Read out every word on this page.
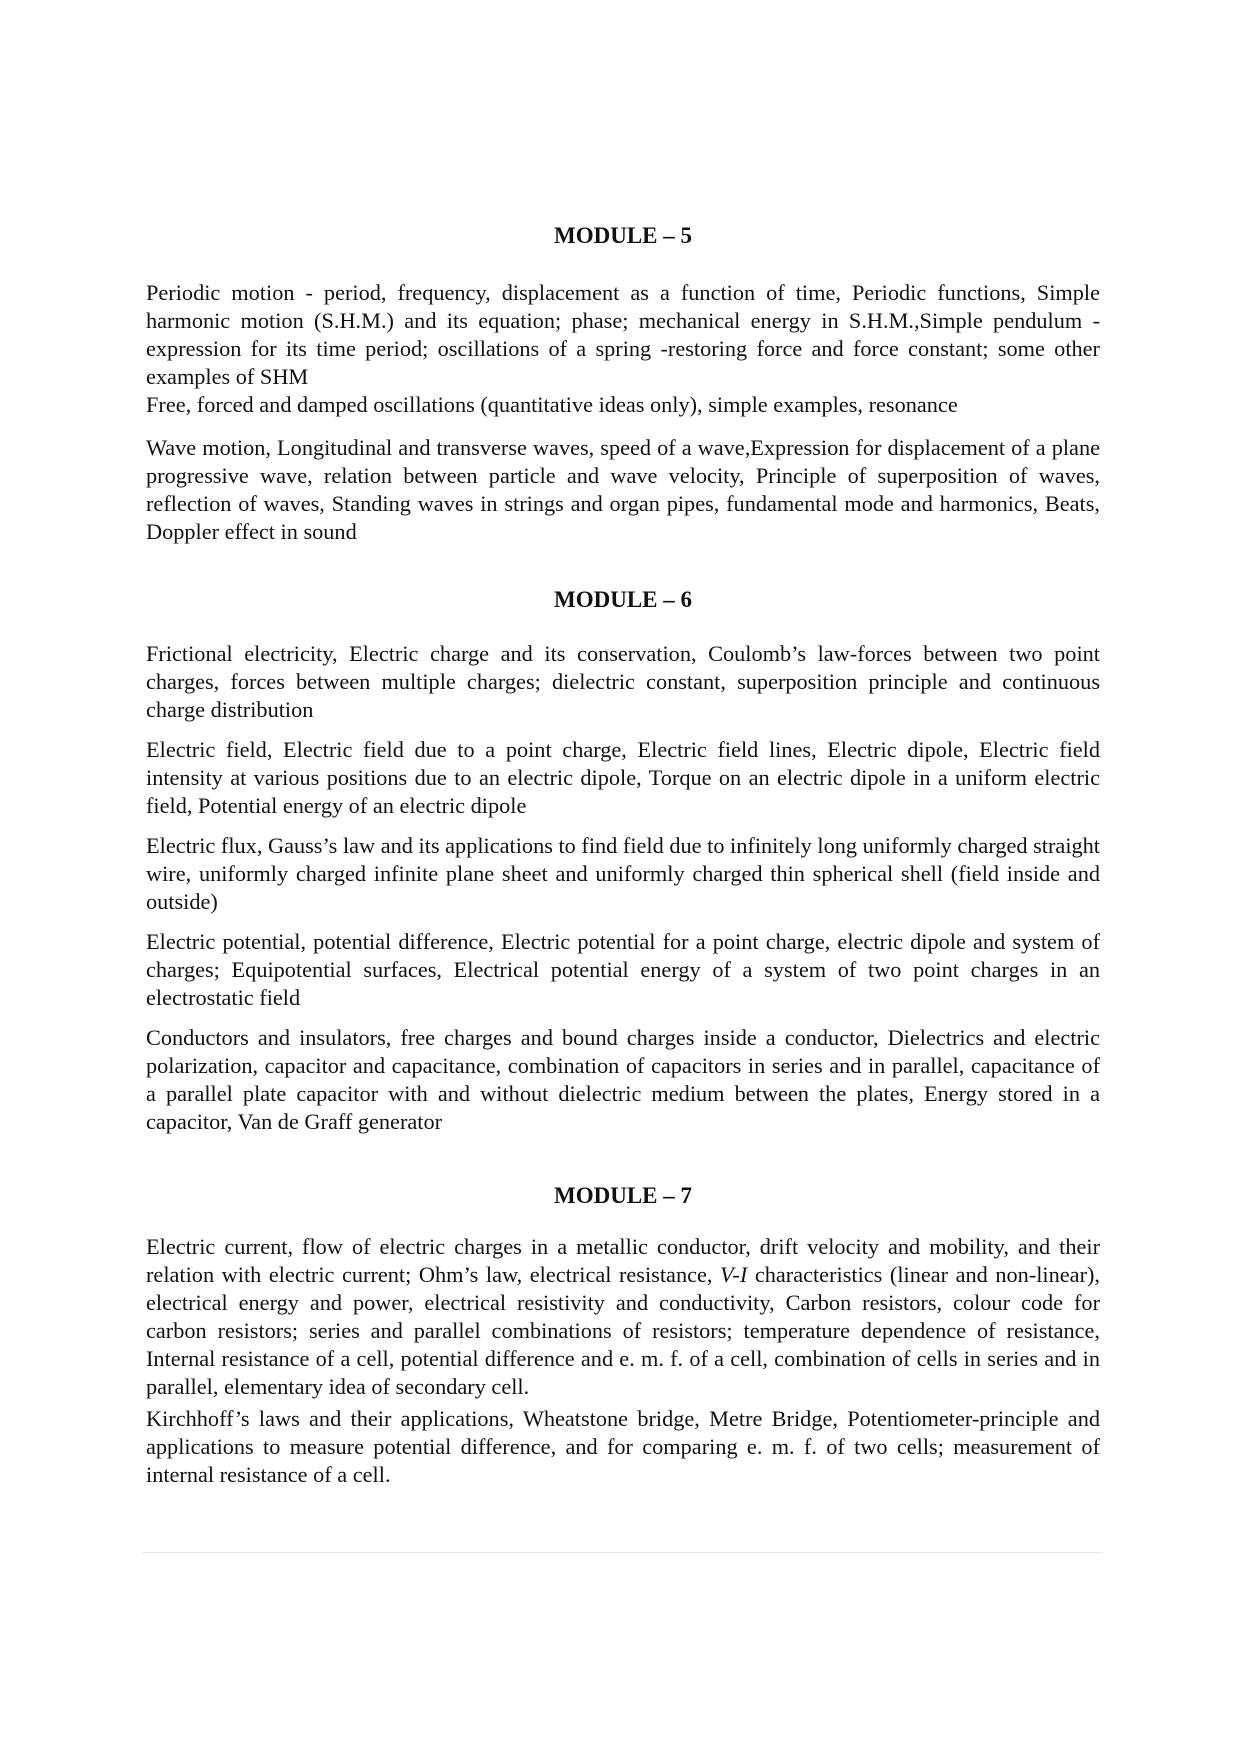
MODULE – 5

Periodic motion - period, frequency, displacement as a function of time, Periodic functions, Simple harmonic motion (S.H.M.) and its equation; phase; mechanical energy in S.H.M.,Simple pendulum - expression for its time period; oscillations of a spring -restoring force and force constant; some other examples of SHM

Free, forced and damped oscillations (quantitative ideas only), simple examples, resonance

Wave motion, Longitudinal and transverse waves, speed of a wave,Expression for displacement of a plane progressive wave, relation between particle and wave velocity, Principle of superposition of waves, reflection of waves, Standing waves in strings and organ pipes, fundamental mode and harmonics, Beats, Doppler effect in sound

MODULE – 6

Frictional electricity, Electric charge and its conservation, Coulomb’s law-forces between two point charges, forces between multiple charges; dielectric constant, superposition principle and continuous charge distribution

Electric field, Electric field due to a point charge, Electric field lines, Electric dipole, Electric field intensity at various positions due to an electric dipole, Torque on an electric dipole in a uniform electric field, Potential energy of an electric dipole

Electric flux, Gauss’s law and its applications to find field due to infinitely long uniformly charged straight wire, uniformly charged infinite plane sheet and uniformly charged thin spherical shell (field inside and outside)

Electric potential, potential difference, Electric potential for a point charge, electric dipole and system of charges; Equipotential surfaces, Electrical potential energy of a system of two point charges in an electrostatic field

Conductors and insulators, free charges and bound charges inside a conductor, Dielectrics and electric polarization, capacitor and capacitance, combination of capacitors in series and in parallel, capacitance of a parallel plate capacitor with and without dielectric medium between the plates, Energy stored in a capacitor, Van de Graff generator

MODULE – 7

Electric current, flow of electric charges in a metallic conductor, drift velocity and mobility, and their relation with electric current; Ohm’s law, electrical resistance, V-I characteristics (linear and non-linear), electrical energy and power, electrical resistivity and conductivity, Carbon resistors, colour code for carbon resistors; series and parallel combinations of resistors; temperature dependence of resistance, Internal resistance of a cell, potential difference and e. m. f. of a cell, combination of cells in series and in parallel, elementary idea of secondary cell.

Kirchhoff’s laws and their applications, Wheatstone bridge, Metre Bridge, Potentiometer-principle and applications to measure potential difference, and for comparing e. m. f. of two cells; measurement of internal resistance of a cell.
